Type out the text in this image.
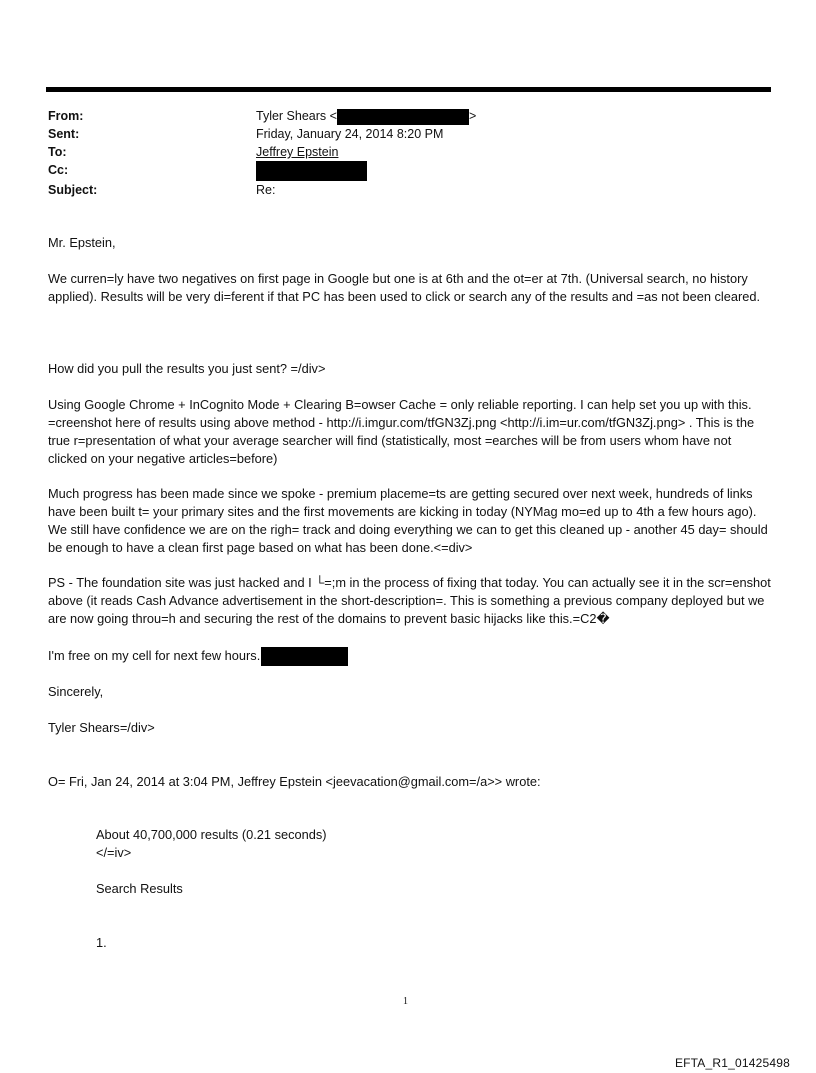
From:	Tyler Shears <	>
Sent:	Friday, January 24, 2014 8:20 PM
To:	Jeffrey Epstein
Cc:
Subject:	Re:

Mr. Epstein,

We curren=ly have two negatives on first page in Google but one is at 6th and the ot=er at 7th. (Universal search, no history applied). Results will be very di=ferent if that PC has been used to click or search any of the results and =as not been cleared.

How did you pull the results you just sent? =/div>

Using Google Chrome + InCognito Mode + Clearing B=owser Cache = only reliable reporting. I can help set you up with this. =creenshot here of results using above method - http://i.imgur.com/tfGN3Zj.png <http://i.im=ur.com/tfGN3Zj.png> . This is the true r=presentation of what your average searcher will find (statistically, most =earches will be from users whom have not clicked on your negative articles=before)

Much progress has been made since we spoke - premium placeme=ts are getting secured over next week, hundreds of links have been built t= your primary sites and the first movements are kicking in today (NYMag mo=ed up to 4th a few hours ago). We still have confidence we are on the righ= track and doing everything we can to get this cleaned up - another 45 day= should be enough to have a clean first page based on what has been done.<=div>

PS - The foundation site was just hacked and I └=;m in the process of fixing that today. You can actually see it in the scr=enshot above (it reads Cash Advance advertisement in the short-description=. This is something a previous company deployed but we are now going throu=h and securing the rest of the domains to prevent basic hijacks like this.=C2�

I'm free on my cell for next few hours.

Sincerely,

Tyler Shears=/div>

O= Fri, Jan 24, 2014 at 3:04 PM, Jeffrey Epstein <jeevacation@gmail.com=/a>> wrote:

About 40,700,000 results (0.21 seconds)
</=iv>
Search Results
1.
1
EFTA_R1_01425498
